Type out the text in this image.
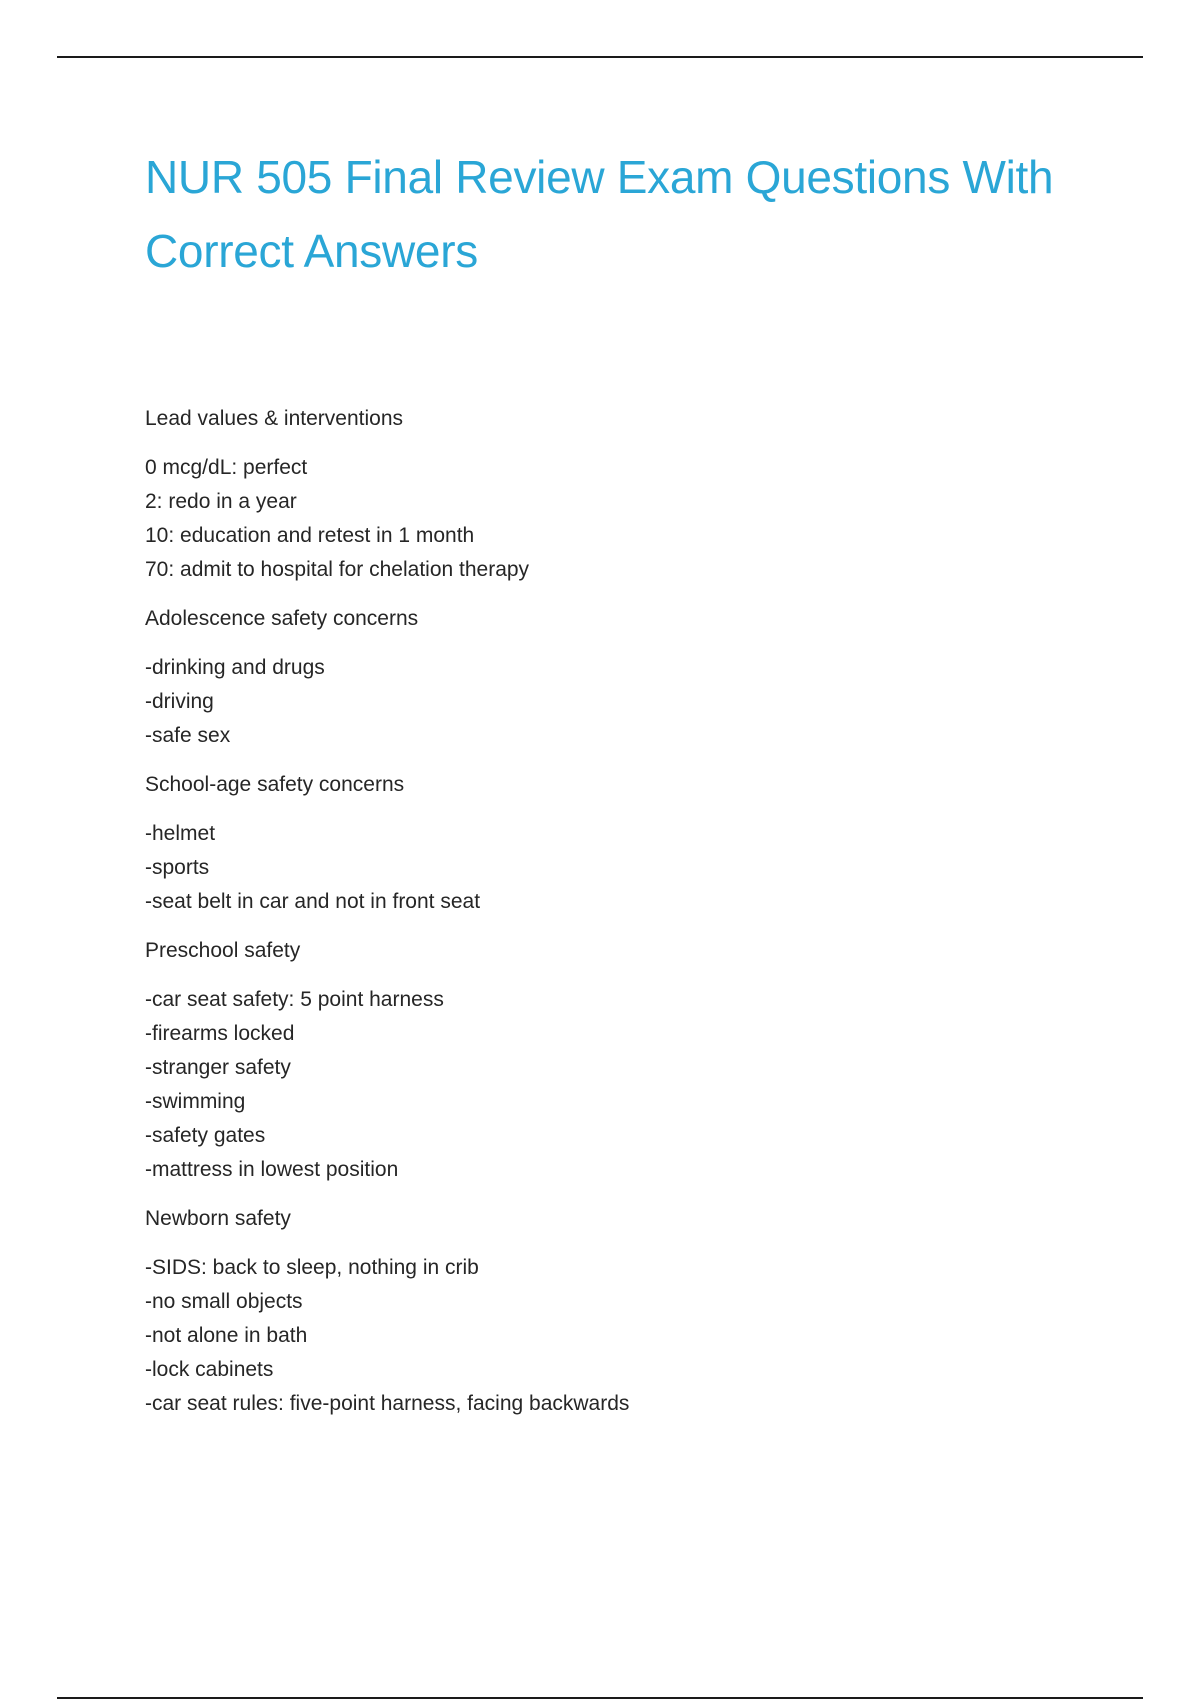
NUR 505 Final Review Exam Questions With
Correct Answers
Lead values & interventions
0 mcg/dL: perfect
2: redo in a year
10: education and retest in 1 month
70: admit to hospital for chelation therapy
Adolescence safety concerns
-drinking and drugs
-driving
-safe sex
School-age safety concerns
-helmet
-sports
-seat belt in car and not in front seat
Preschool safety
-car seat safety: 5 point harness
-firearms locked
-stranger safety
-swimming
-safety gates
-mattress in lowest position
Newborn safety
-SIDS: back to sleep, nothing in crib
-no small objects
-not alone in bath
-lock cabinets
-car seat rules: five-point harness, facing backwards
